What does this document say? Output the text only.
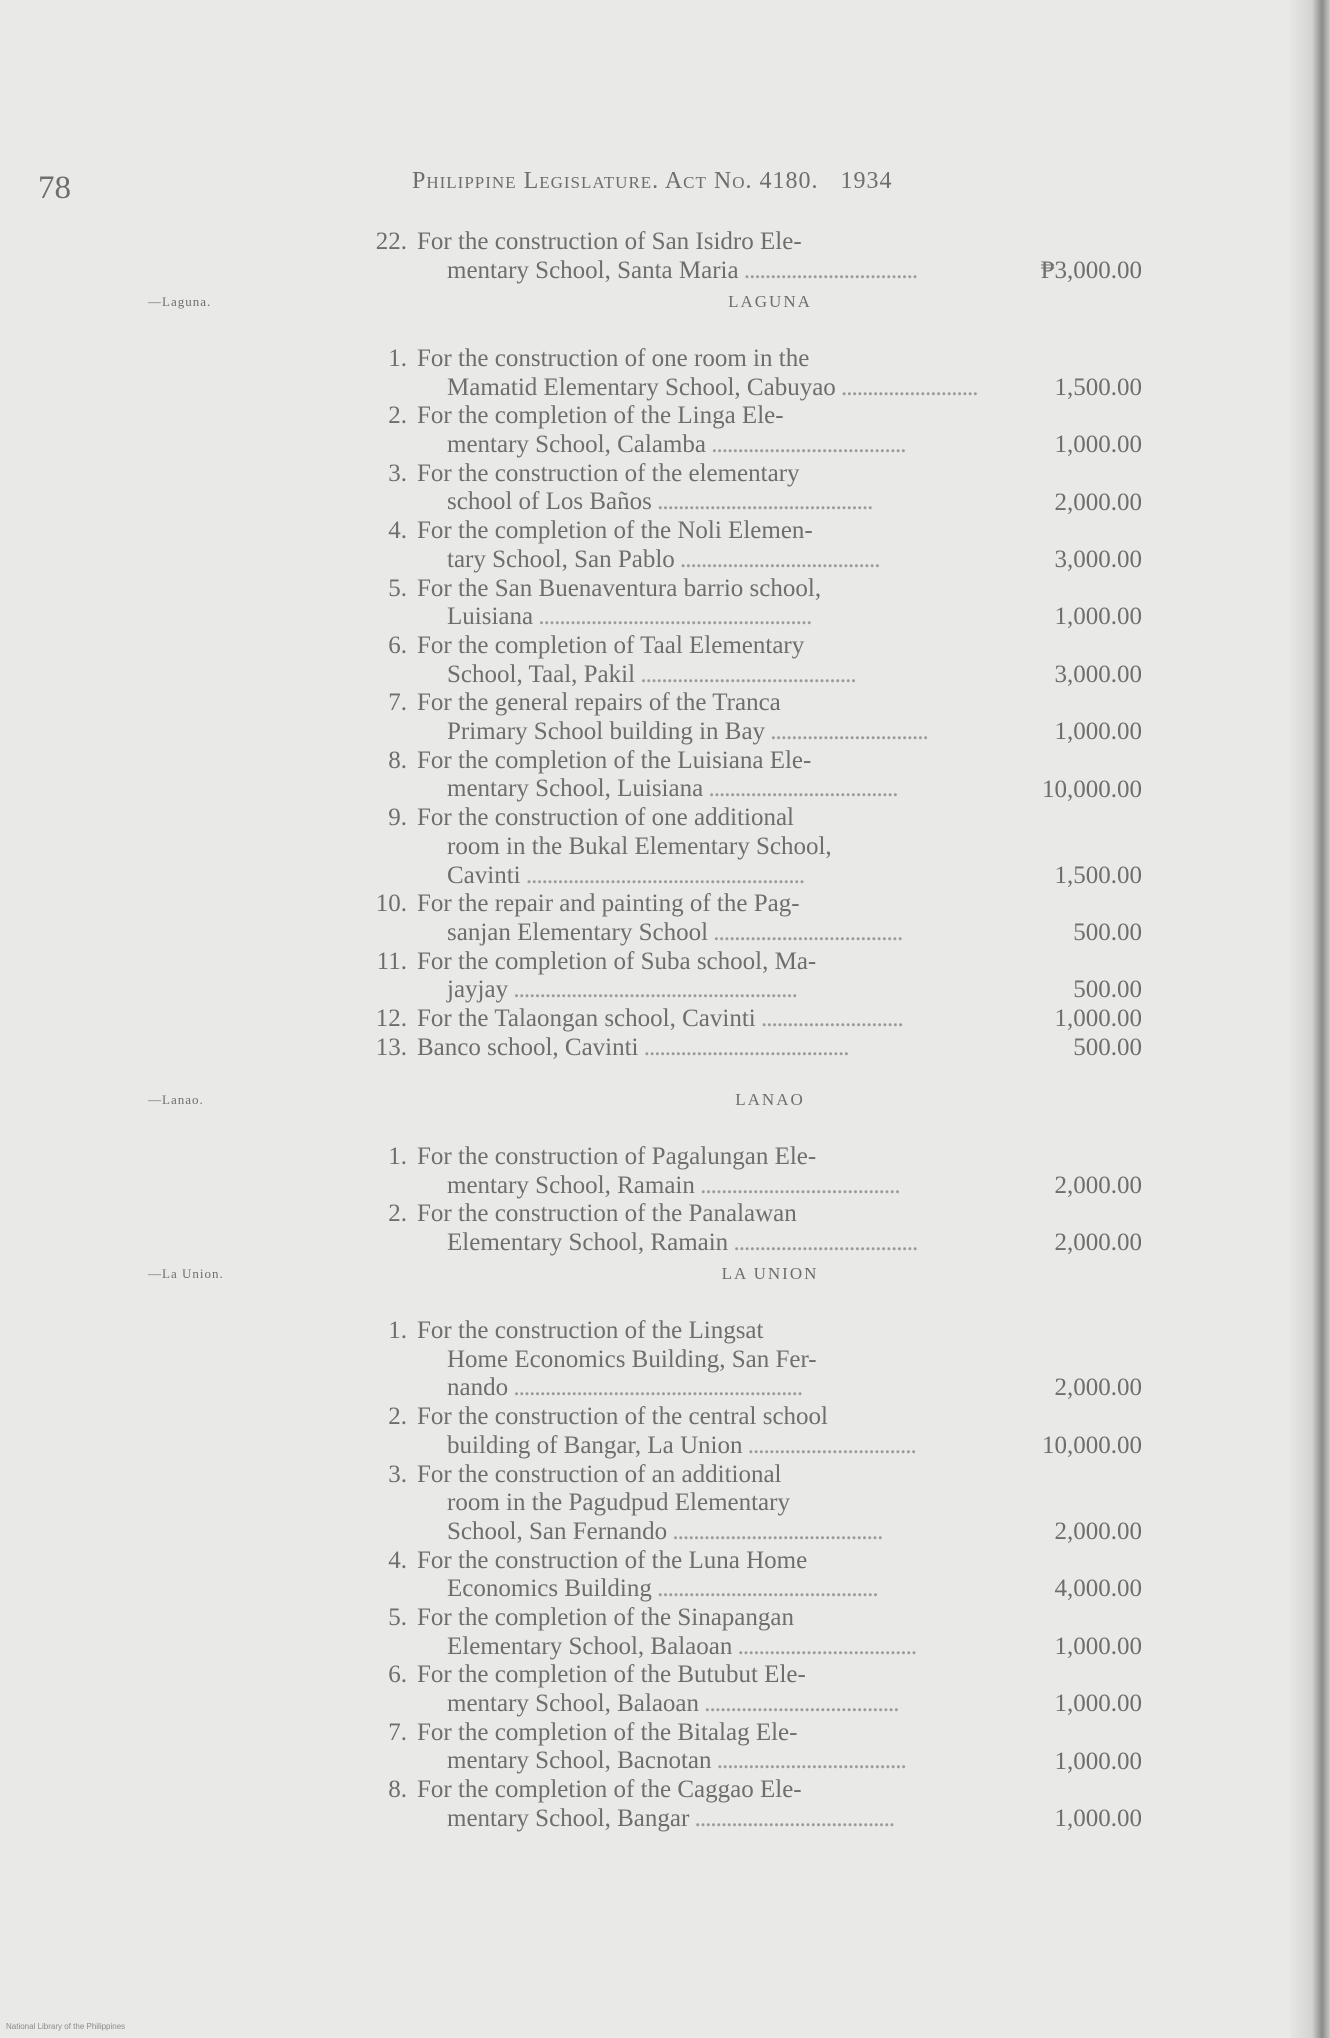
78	Philippine Legislature. Act No. 4180. 1934
22. For the construction of San Isidro Ele-
mentary School, Santa Maria .................................	₱3,000.00
—Laguna.	LAGUNA
1. For the construction of one room in the
Mamatid Elementary School, Cabuyao ..........................	1,500.00
2. For the completion of the Linga Ele-
mentary School, Calamba .....................................	1,000.00
3. For the construction of the elementary
school of Los Baños .........................................	2,000.00
4. For the completion of the Noli Elemen-
tary School, San Pablo ......................................	3,000.00
5. For the San Buenaventura barrio school,
Luisiana ....................................................	1,000.00
6. For the completion of Taal Elementary
School, Taal, Pakil .........................................	3,000.00
7. For the general repairs of the Tranca
Primary School building in Bay ..............................	1,000.00
8. For the completion of the Luisiana Ele-
mentary School, Luisiana ....................................	10,000.00
9. For the construction of one additional
room in the Bukal Elementary School,
Cavinti .....................................................	1,500.00
10. For the repair and painting of the Pag-
sanjan Elementary School ....................................	500.00
11. For the completion of Suba school, Ma-
jayjay ......................................................	500.00
12. For the Talaongan school, Cavinti ...........................	1,000.00
13. Banco school, Cavinti .......................................	500.00
—Lanao.	LANAO
1. For the construction of Pagalungan Ele-
mentary School, Ramain ......................................	2,000.00
2. For the construction of the Panalawan
Elementary School, Ramain ...................................	2,000.00
—La Union.	LA UNION
1. For the construction of the Lingsat
Home Economics Building, San Fer-
nando .......................................................	2,000.00
2. For the construction of the central school
building of Bangar, La Union ................................	10,000.00
3. For the construction of an additional
room in the Pagudpud Elementary
School, San Fernando ........................................	2,000.00
4. For the construction of the Luna Home
Economics Building ..........................................	4,000.00
5. For the completion of the Sinapangan
Elementary School, Balaoan ..................................	1,000.00
6. For the completion of the Butubut Ele-
mentary School, Balaoan .....................................	1,000.00
7. For the completion of the Bitalag Ele-
mentary School, Bacnotan ....................................	1,000.00
8. For the completion of the Caggao Ele-
mentary School, Bangar ......................................	1,000.00
National Library of the Philippines
